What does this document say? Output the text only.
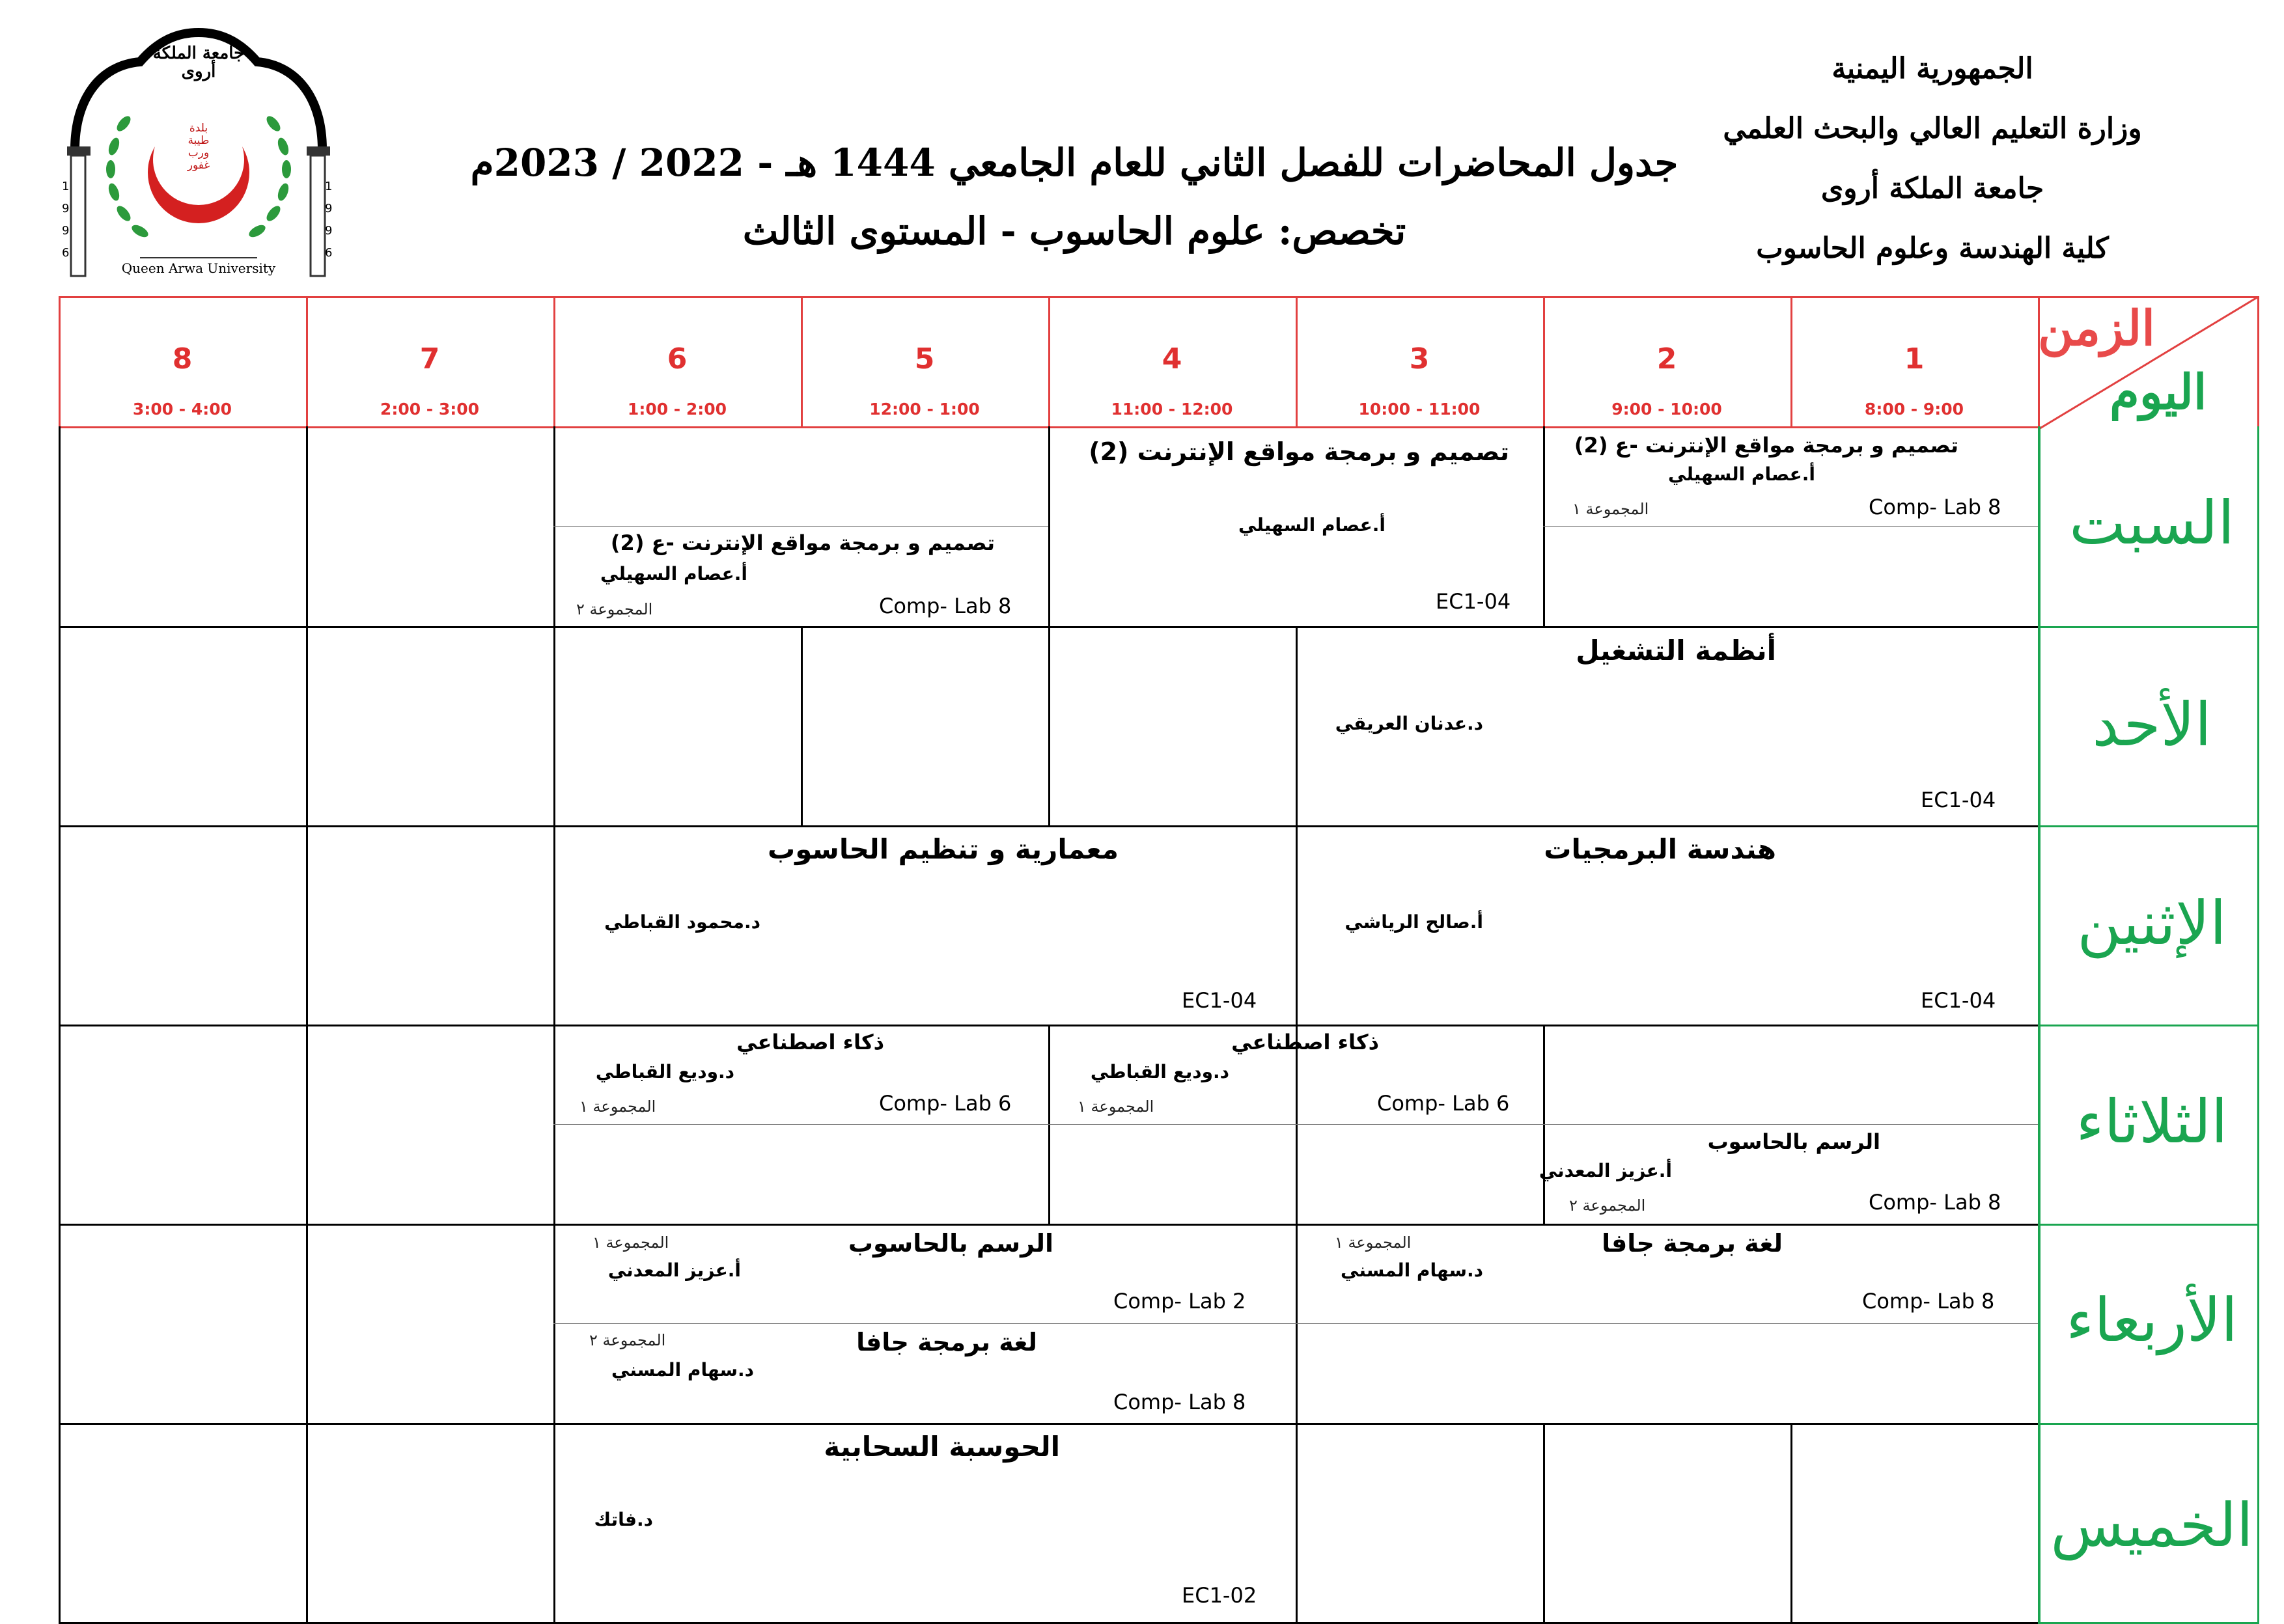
الجمهورية اليمنية
وزارة التعليم العالي والبحث العلمي
جامعة الملكة أروى
كلية الهندسة وعلوم الحاسوب
جدول المحاضرات للفصل الثاني للعام الجامعي 1444 هـ - 2022 / 2023م
تخصص: علوم الحاسوب - المستوى الثالث
جامعة الملكة أروى
بلدة
طيبة
ورب
غفور
1
9
9
6
1
9
9
6
Queen Arwa University
1
8:00 - 9:00
2
9:00 - 10:00
3
10:00 - 11:00
4
11:00 - 12:00
5
12:00 - 1:00
6
1:00 - 2:00
7
2:00 - 3:00
8
3:00 - 4:00
الزمن
اليوم
السبت
الأحد
الإثنين
الثلاثاء
الأربعاء
الخميس
تصميم و برمجة مواقع الإنترنت -ع (2)
أ.عصام السهيلي
Comp- Lab 8
المجموعة ١
تصميم و برمجة مواقع الإنترنت (2)
أ.عصام السهيلي
EC1-04
تصميم و برمجة مواقع الإنترنت -ع (2)
أ.عصام السهيلي
Comp- Lab 8
المجموعة ٢
أنظمة التشغيل
د.عدنان العريقي
EC1-04
هندسة البرمجيات
أ.صالح الرياشي
EC1-04
معمارية و تنظيم الحاسوب
د.محمود القباطي
EC1-04
الرسم بالحاسوب
أ.عزيز المعدني
Comp- Lab 8
المجموعة ٢
ذكاء اصطناعي
د.وديع القباطي
Comp- Lab 6
المجموعة ١
ذكاء اصطناعي
د.وديع القباطي
Comp- Lab 6
المجموعة ١
لغة برمجة جافا
د.سهام المسني
Comp- Lab 8
المجموعة ١
الرسم بالحاسوب
أ.عزيز المعدني
Comp- Lab 2
المجموعة ١
لغة برمجة جافا
د.سهام المسني
Comp- Lab 8
المجموعة ٢
الحوسبة السحابية
د.فاتك
EC1-02
